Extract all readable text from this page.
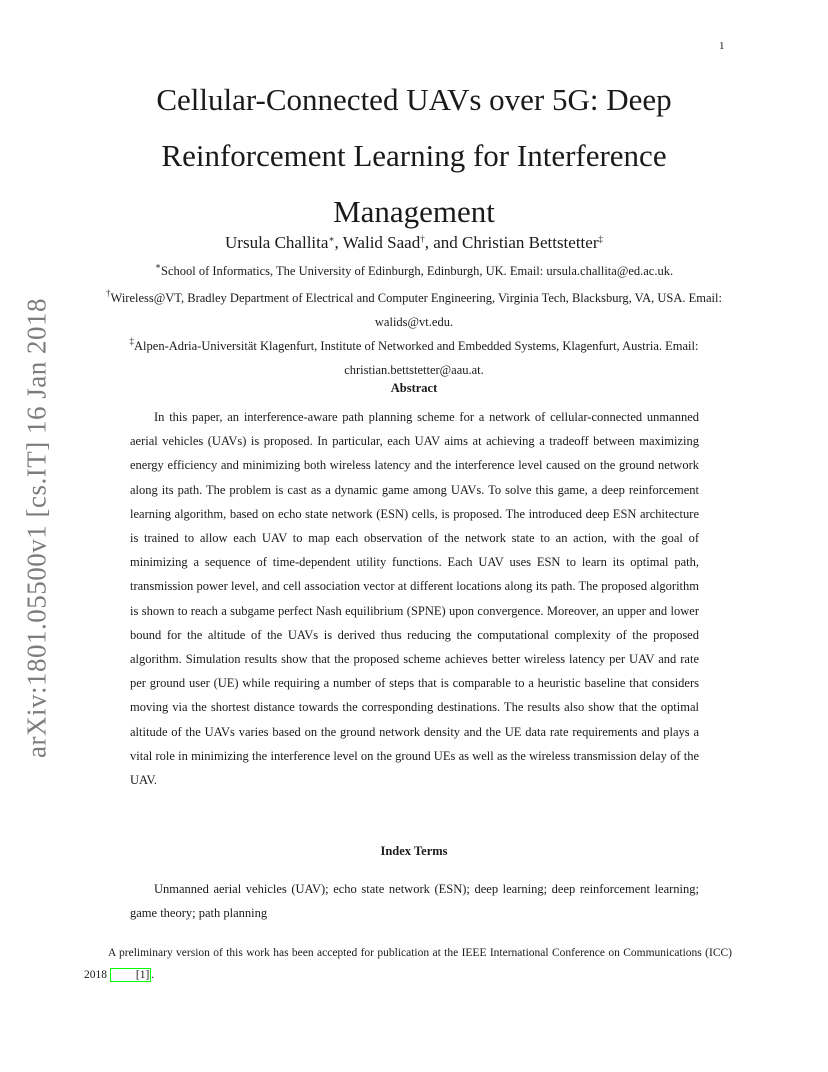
1
arXiv:1801.05500v1 [cs.IT] 16 Jan 2018
Cellular-Connected UAVs over 5G: Deep Reinforcement Learning for Interference Management
Ursula Challita∗, Walid Saad†, and Christian Bettstetter‡
∗School of Informatics, The University of Edinburgh, Edinburgh, UK. Email: ursula.challita@ed.ac.uk.
†Wireless@VT, Bradley Department of Electrical and Computer Engineering, Virginia Tech, Blacksburg, VA, USA. Email: walids@vt.edu.
‡Alpen-Adria-Universität Klagenfurt, Institute of Networked and Embedded Systems, Klagenfurt, Austria. Email: christian.bettstetter@aau.at.
Abstract

In this paper, an interference-aware path planning scheme for a network of cellular-connected unmanned aerial vehicles (UAVs) is proposed. In particular, each UAV aims at achieving a tradeoff between maximizing energy efficiency and minimizing both wireless latency and the interference level caused on the ground network along its path. The problem is cast as a dynamic game among UAVs. To solve this game, a deep reinforcement learning algorithm, based on echo state network (ESN) cells, is proposed. The introduced deep ESN architecture is trained to allow each UAV to map each observation of the network state to an action, with the goal of minimizing a sequence of time-dependent utility functions. Each UAV uses ESN to learn its optimal path, transmission power level, and cell association vector at different locations along its path. The proposed algorithm is shown to reach a subgame perfect Nash equilibrium (SPNE) upon convergence. Moreover, an upper and lower bound for the altitude of the UAVs is derived thus reducing the computational complexity of the proposed algorithm. Simulation results show that the proposed scheme achieves better wireless latency per UAV and rate per ground user (UE) while requiring a number of steps that is comparable to a heuristic baseline that considers moving via the shortest distance towards the corresponding destinations. The results also show that the optimal altitude of the UAVs varies based on the ground network density and the UE data rate requirements and plays a vital role in minimizing the interference level on the ground UEs as well as the wireless transmission delay of the UAV.

Index Terms

Unmanned aerial vehicles (UAV); echo state network (ESN); deep learning; deep reinforcement learning; game theory; path planning

A preliminary version of this work has been accepted for publication at the IEEE International Conference on Communications (ICC) 2018 [1] .
